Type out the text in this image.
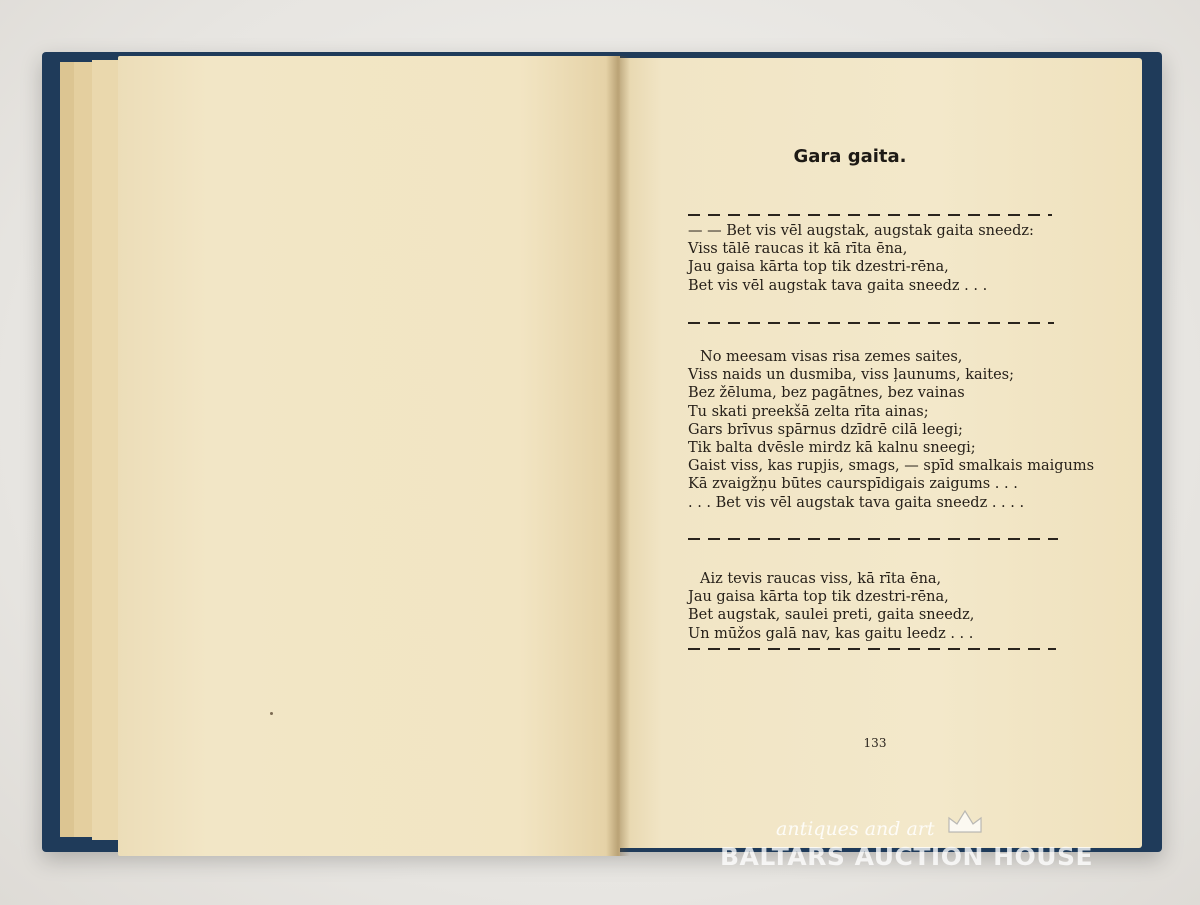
Gara gaita.
— — Bet vis vēl augstak, augstak gaita sneedz:
Viss tālē raucas it kā rīta ēna,
Jau gaisa kārta top tik dzestri-rēna,
Bet vis vēl augstak tava gaita sneedz . . .
No meesam visas risa zemes saites,
Viss naids un dusmiba, viss ļaunums, kaites;
Bez žēluma, bez pagātnes, bez vainas
Tu skati preekšā zelta rīta ainas;
Gars brīvus spārnus dzīdrē cilā leegi;
Tik balta dvēsle mirdz kā kalnu sneegi;
Gaist viss, kas rupjis, smags, — spīd smalkais maigums
Kā zvaigžņu būtes caurspīdigais zaigums . . .
. . . Bet vis vēl augstak tava gaita sneedz . . . .
Aiz tevis raucas viss, kā rīta ēna,
Jau gaisa kārta top tik dzestri-rēna,
Bet augstak, saulei preti, gaita sneedz,
Un mūžos galā nav, kas gaitu leedz . . .
133
antiques and art
BALTARS AUCTION HOUSE
